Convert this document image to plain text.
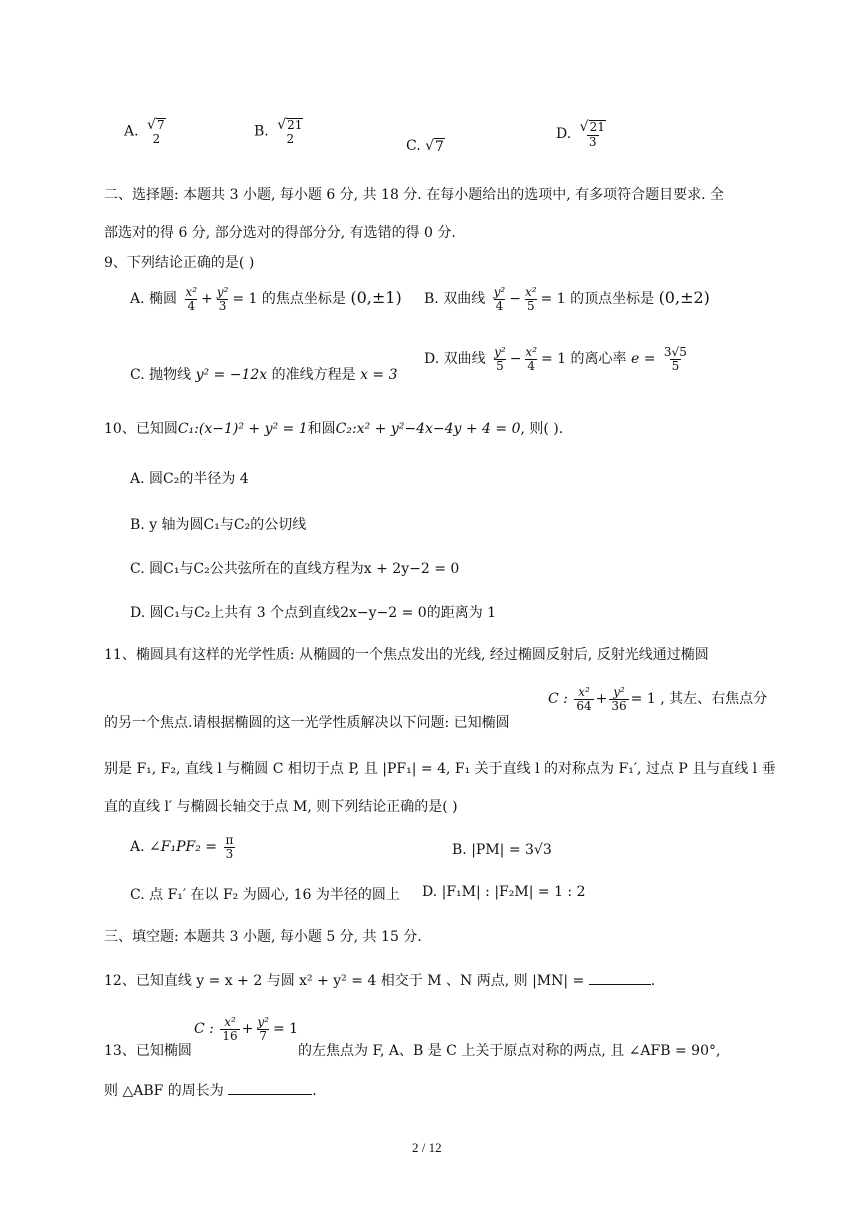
A. √ 7
2	B. √ 21
2	C. √ 7
D. $\frac{√ 21}{3}$
二、选择题: 本题共 3 小题, 每小题 6 分, 共 18 分. 在每小题给出的选项中, 有多项符合题目要求. 全
部选对的得 6 分, 部分选对的得部分分, 有选错的得 0 分.
9、下列结论正确的是( )
A. 椭圆 $\frac{\text{x²}}{4} + \frac{\text{y²}}{3} = 1$ 的焦点坐标是 (0,±1) B. 双曲线 $\frac{\text{y²}}{4} - \frac{\text{x²}}{5} = 1$ 的顶点坐标是 (0,±2)
C. 抛物线 y² = −12x 的准线方程是 x = 3
D. 双曲线 $\frac{\text{y²}}{5} - \frac{\text{x²}}{4} = 1$ 的离心率 $e = \frac{3√5}{5}$
10、已知圆C₁:(x−1)² + y² = 1和圆C₂:x² + y²−4x−4y + 4 = 0, 则( ).
A. 圆C₂的半径为 4
B. y 轴为圆C₁与C₂的公切线
C. 圆C₁与C₂公共弦所在的直线方程为x + 2y−2 = 0
D. 圆C₁与C₂上共有 3 个点到直线2x−y−2 = 0的距离为 1
11、椭圆具有这样的光学性质: 从椭圆的一个焦点发出的光线, 经过椭圆反射后, 反射光线通过椭圆
的另一个焦点.请根据椭圆的这一光学性质解决以下问题: 已知椭圆
C : $\frac{\text{x²}}{64} + \frac{\text{y²}}{36} = 1$ , 其左、右焦点分
别是 F₁, F₂, 直线 l 与椭圆 C 相切于点 P, 且 |PF₁| = 4, F₁ 关于直线 l 的对称点为 F₁′, 过点 P 且与直线 l 垂
直的直线 l′ 与椭圆长轴交于点 M, 则下列结论正确的是( )
A. ∠F₁PF₂ = $\frac{\pi}{3}$	B. |PM| = 3√3
C. 点 F₁′ 在以 F₂ 为圆心, 16 为半径的圆上 D. |F₁M| : |F₂M| = 1 : 2
三、填空题: 本题共 3 小题, 每小题 5 分, 共 15 分.
12、已知直线 y = x + 2 与圆 x² + y² = 4 相交于 M 、N 两点, 则 |MN| =	.
13、已知椭圆
C : $\frac{\text{x²}}{16} + \frac{\text{y²}}{7} = 1$
的左焦点为 F, A、B 是 C 上关于原点对称的两点, 且 ∠AFB = 90°,
则 △ABF 的周长为	.
2 / 12
